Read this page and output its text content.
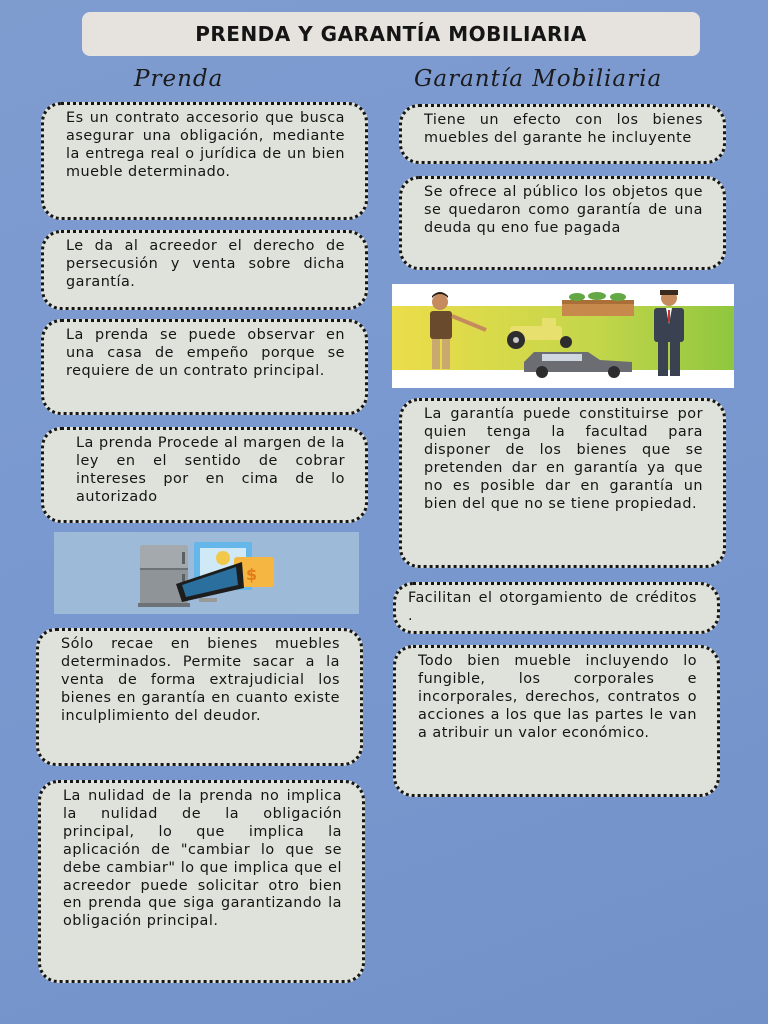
PRENDA Y GARANTÍA MOBILIARIA
Prenda	Garantía Mobiliaria

Es un contrato accesorio que busca asegurar una obligación, mediante la entrega real o jurídica de un bien mueble determinado.

Le da al acreedor el derecho de persecusión y venta sobre dicha garantía.

La prenda se puede observar en una casa de empeño porque se requiere de un contrato principal.

La prenda Procede al margen de la ley en el sentido de cobrar intereses por en cima de lo autorizado

$

Sólo recae en bienes muebles determinados. Permite sacar a la venta de forma extrajudicial los bienes en garantía en cuanto existe inculplimiento del deudor.

La nulidad de la prenda no implica la nulidad de la obligación principal, lo que implica la aplicación de "cambiar lo que se debe cambiar" lo que implica que el acreedor puede solicitar otro bien en prenda que siga garantizando la obligación principal.

Tiene un efecto con los bienes muebles del garante he incluyente

Se ofrece al público los objetos que se quedaron como garantía de una deuda qu eno fue pagada

La garantía puede constituirse por quien tenga la facultad para disponer de los bienes que se pretenden dar en garantía ya que no es posible dar en garantía un bien del que no se tiene propiedad.

Facilitan el otorgamiento de créditos .

Todo bien mueble incluyendo lo fungible, los corporales e incorporales, derechos, contratos o acciones a los que las partes le van a atribuir un valor económico.
